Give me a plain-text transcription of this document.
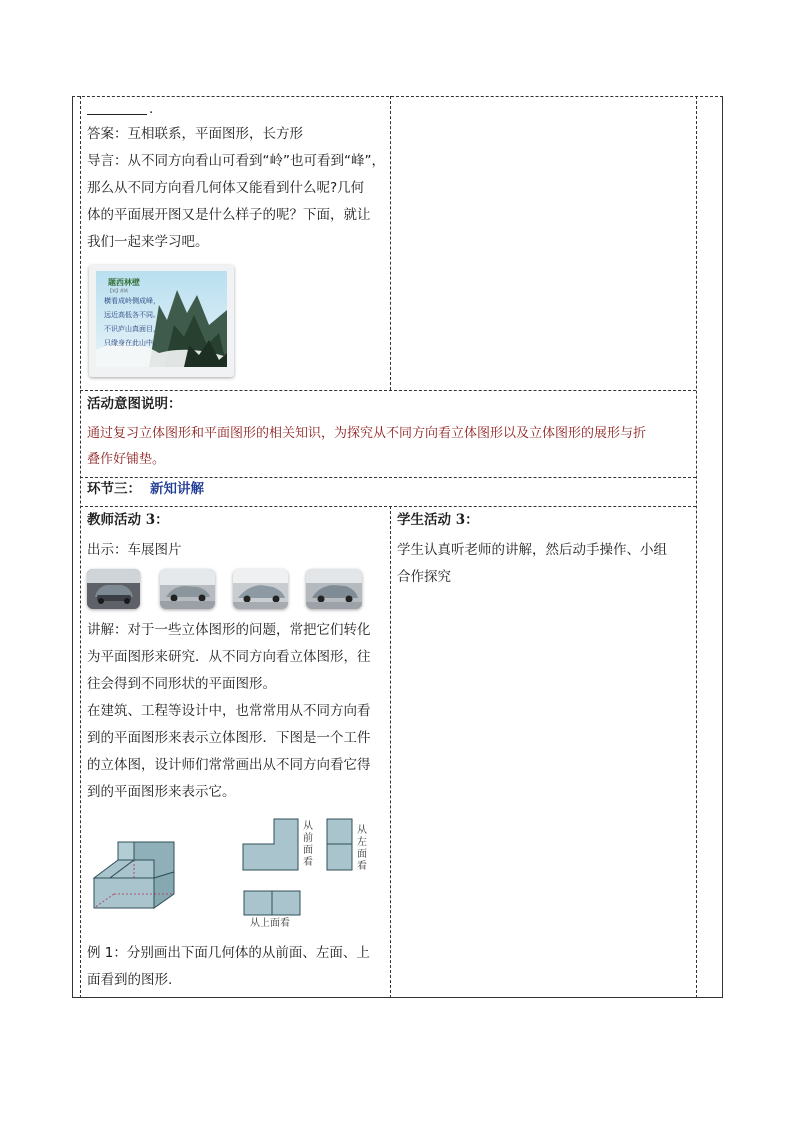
.
答案：互相联系，平面图形，长方形
导言：从不同方向看山可看到“岭”也可看到“峰”，
那么从不同方向看几何体又能看到什么呢?几何
体的平面展开图又是什么样子的呢？下面，就让
我们一起来学习吧。
题西林壁
【宋】苏轼
横看成岭侧成峰，
远近高低各不同。
不识庐山真面目，
只缘身在此山中。
活动意图说明：
通过复习立体图形和平面图形的相关知识，为探究从不同方向看立体图形以及立体图形的展形与折
叠作好铺垫。
环节三： 新知讲解
教师活动 3：
出示：车展图片
讲解：对于一些立体图形的问题，常把它们转化
为平面图形来研究．从不同方向看立体图形，往
往会得到不同形状的平面图形。
在建筑、工程等设计中，也常常用从不同方向看
到的平面图形来表示立体图形．下图是一个工件
的立体图，设计师们常常画出从不同方向看它得
到的平面图形来表示它。
从前面看
从左面看
从上面看
例 1：分别画出下面几何体的从前面、左面、上
面看到的图形.
学生活动 3：
学生认真听老师的讲解，然后动手操作、小组
合作探究
